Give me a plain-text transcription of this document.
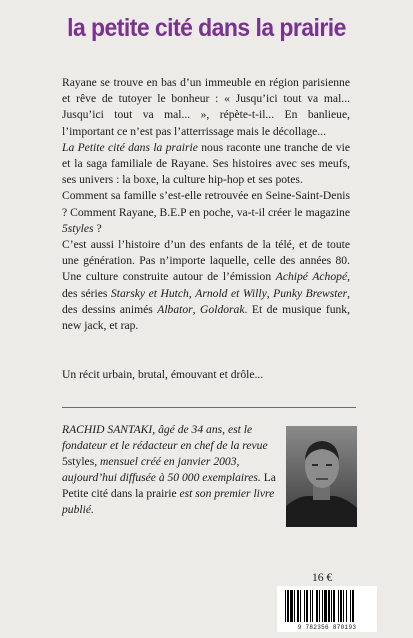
la petite cité dans la prairie

Rayane se trouve en bas d’un immeuble en région parisienne et rêve de tutoyer le bonheur : « Jusqu’ici tout va mal... Jusqu’ici tout va mal... », répète-t-il... En banlieue, l’important ce n’est pas l’atterrissage mais le décollage...

La Petite cité dans la prairie nous raconte une tranche de vie et la saga familiale de Rayane. Ses histoires avec ses meufs, ses univers : la boxe, la culture hip-hop et ses potes.

Comment sa famille s’est-elle retrouvée en Seine-Saint-Denis ? Comment Rayane, B.E.P en poche, va-t-il créer le magazine 5styles ?

C’est aussi l’histoire d’un des enfants de la télé, et de toute une génération. Pas n’importe laquelle, celle des années 80. Une culture construite autour de l’émission Achipé Achopé, des séries Starsky et Hutch, Arnold et Willy, Punky Brewster, des dessins animés Albator, Goldorak. Et de musique funk, new jack, et rap.

Un récit urbain, brutal, émouvant et drôle...
RACHID SANTAKI, âgé de 34 ans, est le fondateur et le rédacteur en chef de la revue 5styles, mensuel créé en janvier 2003, aujourd’hui diffusée à 50 000 exemplaires. La Petite cité dans la prairie est son premier livre publié.
16 €
9 782356 870193
